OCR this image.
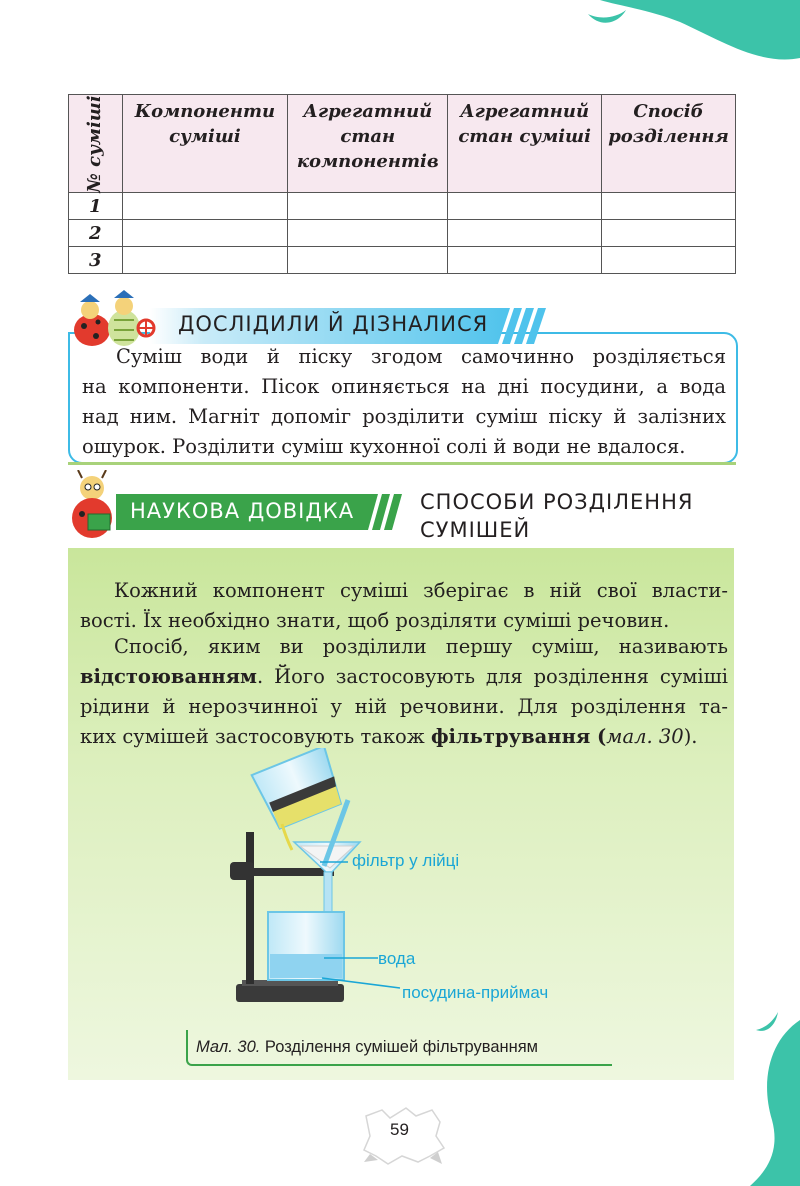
№ суміші	Компоненти суміші	Агрегатний стан компонентів	Агрегатний стан суміші	Спосіб розділення
1				
2				
3				
ДОСЛІДИЛИ Й ДІЗНАЛИСЯ
Суміш води й піску згодом самочинно розділяється
на компоненти. Пісок опиняється на дні посудини, а вода
над ним. Магніт допоміг розділити суміш піску й залізних
ошурок. Розділити суміш кухонної солі й води не вдалося.
НАУКОВА ДОВІДКА	СПОСОБИ РОЗДІЛЕННЯ
СУМІШЕЙ
Кожний компонент суміші зберігає в ній свої власти-
вості. Їх необхідно знати, щоб розділяти суміші речовин.
Спосіб, яким ви розділили першу суміш, називають
відстоюванням. Його застосовують для розділення суміші
рідини й нерозчинної у ній речовини. Для розділення та-
ких сумішей застосовують також фільтрування (мал. 30).
фільтр у лійці
вода
посудина-приймач
Мал. 30. Розділення сумішей фільтруванням
59
